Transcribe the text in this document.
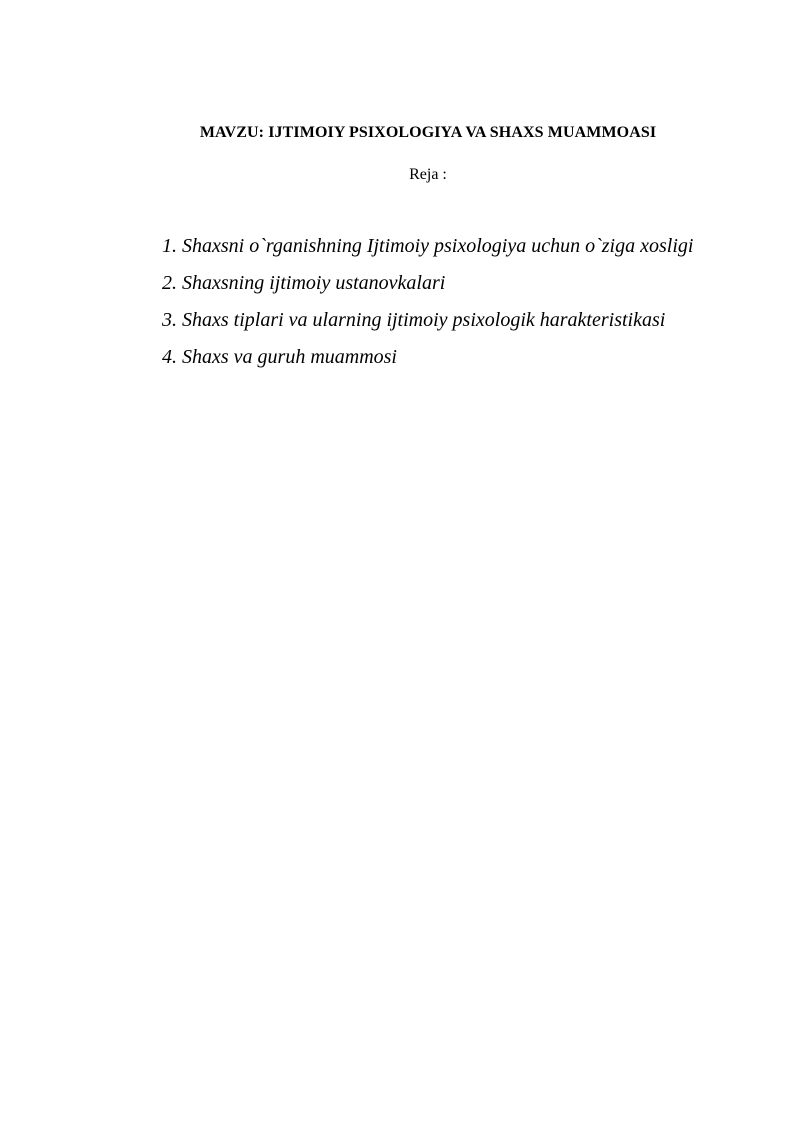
MAVZU: IJTIMOIY PSIXOLOGIYA VA SHAXS MUAMMOASI

Reja :

1. Shaxsni o`rganishning Ijtimoiy psixologiya uchun o`ziga xosligi
2. Shaxsning ijtimoiy ustanovkalari
3. Shaxs tiplari va ularning ijtimoiy psixologik harakteristikasi
4. Shaxs va guruh muammosi
